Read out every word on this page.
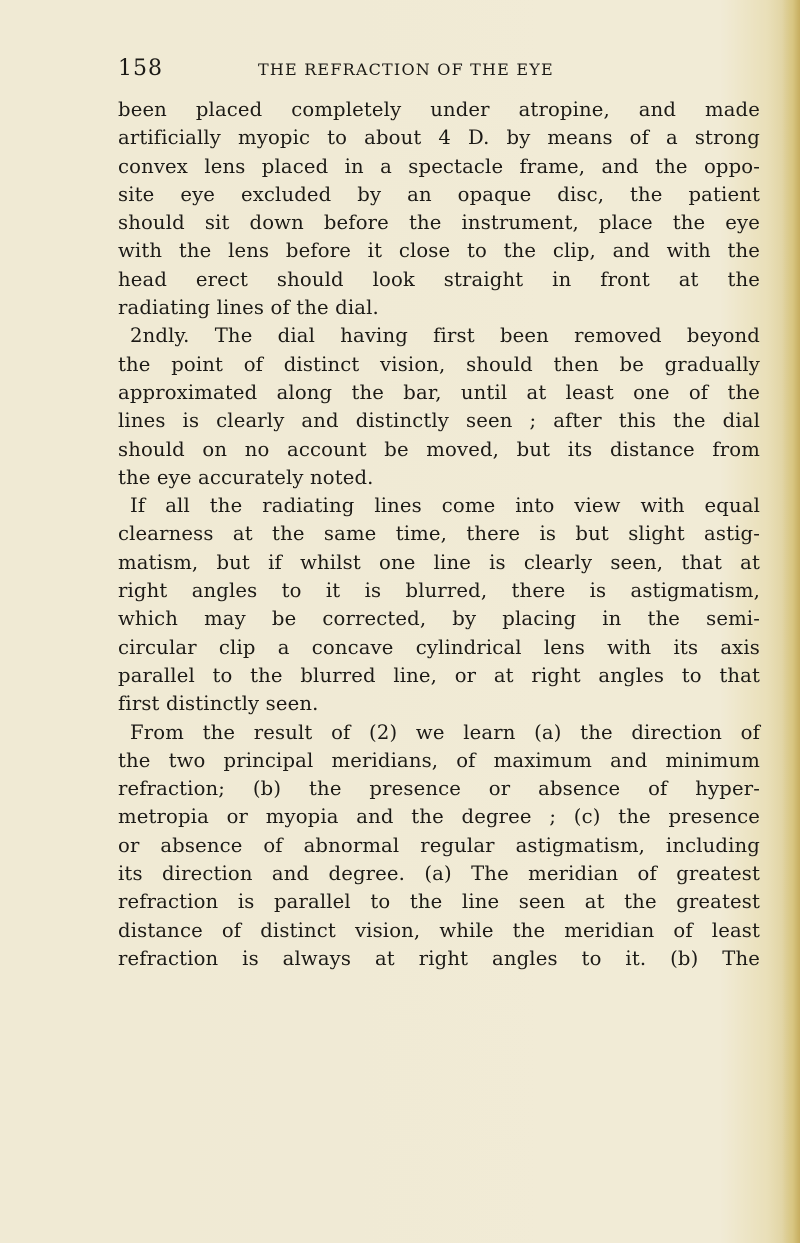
158	THE REFRACTION OF THE EYE
been placed completely under atropine, and made
artificially myopic to about 4 D. by means of a strong
convex lens placed in a spectacle frame, and the oppo-
site eye excluded by an opaque disc, the patient
should sit down before the instrument, place the eye
with the lens before it close to the clip, and with the
head erect should look straight in front at the
radiating lines of the dial.
2ndly. The dial having first been removed beyond
the point of distinct vision, should then be gradually
approximated along the bar, until at least one of the
lines is clearly and distinctly seen ; after this the dial
should on no account be moved, but its distance from
the eye accurately noted.
If all the radiating lines come into view with equal
clearness at the same time, there is but slight astig-
matism, but if whilst one line is clearly seen, that at
right angles to it is blurred, there is astigmatism,
which may be corrected, by placing in the semi-
circular clip a concave cylindrical lens with its axis
parallel to the blurred line, or at right angles to that
first distinctly seen.
From the result of (2) we learn (a) the direction of
the two principal meridians, of maximum and minimum
refraction; (b) the presence or absence of hyper-
metropia or myopia and the degree ; (c) the presence
or absence of abnormal regular astigmatism, including
its direction and degree. (a) The meridian of greatest
refraction is parallel to the line seen at the greatest
distance of distinct vision, while the meridian of least
refraction is always at right angles to it. (b) The
